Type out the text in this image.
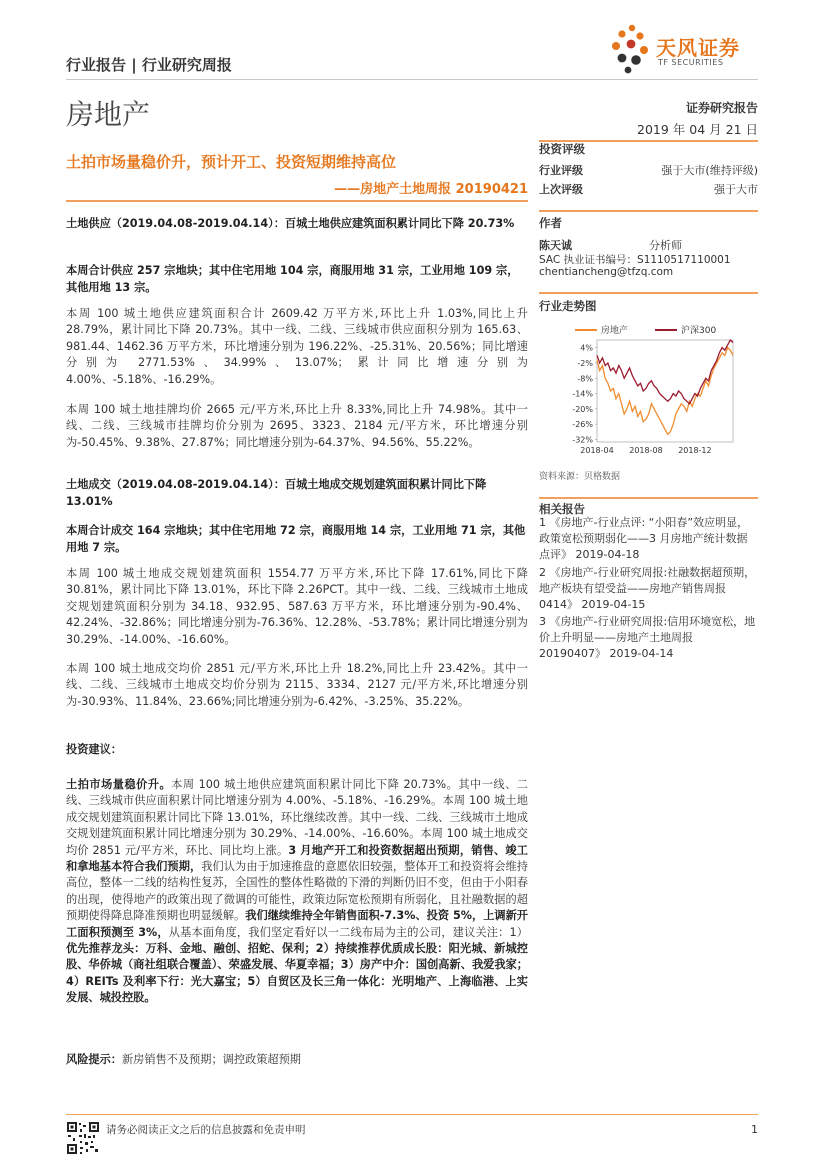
行业报告 | 行业研究周报
房地产
天风证券
TF SECURITIES
证券研究报告
2019 年 04 月 21 日
土拍市场量稳价升，预计开工、投资短期维持高位
——房地产土地周报 20190421
土地供应（2019.04.08-2019.04.14）：百城土地供应建筑面积累计同比下降 20.73%
本周合计供应 257 宗地块；其中住宅用地 104 宗，商服用地 31 宗，工业用地 109 宗，其他用地 13 宗。
本周 100 城土地供应建筑面积合计 2609.42 万平方米,环比上升 1.03%,同比上升 28.79%，累计同比下降 20.73%。其中一线、二线、三线城市供应面积分别为 165.63、981.44、1462.36 万平方米，环比增速分别为 196.22%、-25.31%、20.56%；同比增速分别为 2771.53%、34.99%、13.07%；累计同比增速分别为 4.00%、-5.18%、-16.29%。
本周 100 城土地挂牌均价 2665 元/平方米,环比上升 8.33%,同比上升 74.98%。其中一线、二线、三线城市挂牌均价分别为 2695、3323、2184 元/平方米，环比增速分别为-50.45%、9.38%、27.87%；同比增速分别为-64.37%、94.56%、55.22%。
土地成交（2019.04.08-2019.04.14）：百城土地成交规划建筑面积累计同比下降 13.01%
本周合计成交 164 宗地块；其中住宅用地 72 宗，商服用地 14 宗，工业用地 71 宗，其他用地 7 宗。
本周 100 城土地成交规划建筑面积 1554.77 万平方米,环比下降 17.61%,同比下降 30.81%，累计同比下降 13.01%，环比下降 2.26PCT。其中一线、二线、三线城市土地成交规划建筑面积分别为 34.18、932.95、587.63 万平方米，环比增速分别为-90.4%、42.24%、-32.86%；同比增速分别为-76.36%、12.28%、-53.78%；累计同比增速分别为 30.29%、-14.00%、-16.60%。
本周 100 城土地成交均价 2851 元/平方米,环比上升 18.2%,同比上升 23.42%。其中一线、二线、三线城市土地成交均价分别为 2115、3334、2127 元/平方米,环比增速分别为-30.93%、11.84%、23.66%;同比增速分别为-6.42%、-3.25%、35.22%。
投资建议：
土拍市场量稳价升。本周 100 城土地供应建筑面积累计同比下降 20.73%。其中一线、二线、三线城市供应面积累计同比增速分别为 4.00%、-5.18%、-16.29%。本周 100 城土地成交规划建筑面积累计同比下降 13.01%，环比继续改善。其中一线、二线、三线城市土地成交规划建筑面积累计同比增速分别为 30.29%、-14.00%、-16.60%。本周 100 城土地成交均价 2851 元/平方米，环比、同比均上涨。3 月地产开工和投资数据超出预期，销售、竣工和拿地基本符合我们预期，我们认为由于加速推盘的意愿依旧较强，整体开工和投资将会维持高位，整体一二线的结构性复苏，全国性的整体性略微的下滑的判断仍旧不变，但由于小阳春的出现，使得地产的政策出现了微调的可能性，政策边际宽松预期有所弱化，且社融数据的超预期使得降息降准预期也明显缓解。我们继续维持全年销售面积-7.3%、投资 5%，上调新开工面积预测至 3%，从基本面角度，我们坚定看好以一二线布局为主的公司，建议关注：1）优先推荐龙头：万科、金地、融创、招蛇、保利；2）持续推荐优质成长股：阳光城、新城控股、华侨城（商社组联合覆盖）、荣盛发展、华夏幸福；3）房产中介：国创高新、我爱我家；4）REITs 及利率下行：光大嘉宝；5）自贸区及长三角一体化：光明地产、上海临港、上实发展、城投控股。
风险提示：新房销售不及预期；调控政策超预期
投资评级
行业评级	强于大市(维持评级)
上次评级	强于大市
作者
陈天诚	分析师
SAC 执业证书编号：S1110517110001
chentiancheng@tfzq.com
行业走势图
房地产	沪深300
4%
-2%
-8%
-14%
-20%
-26%
-32%
2018-04 2018-08 2018-12
资料来源：贝格数据
相关报告
1 《房地产-行业点评: “小阳春”效应明显，政策宽松预期弱化——3 月房地产统计数据点评》 2019-04-18
2 《房地产-行业研究周报:社融数据超预期，地产板块有望受益——房地产销售周报 0414》 2019-04-15
3 《房地产-行业研究周报:信用环境宽松，地价上升明显——房地产土地周报 20190407》 2019-04-14
请务必阅读正文之后的信息披露和免责申明	1
